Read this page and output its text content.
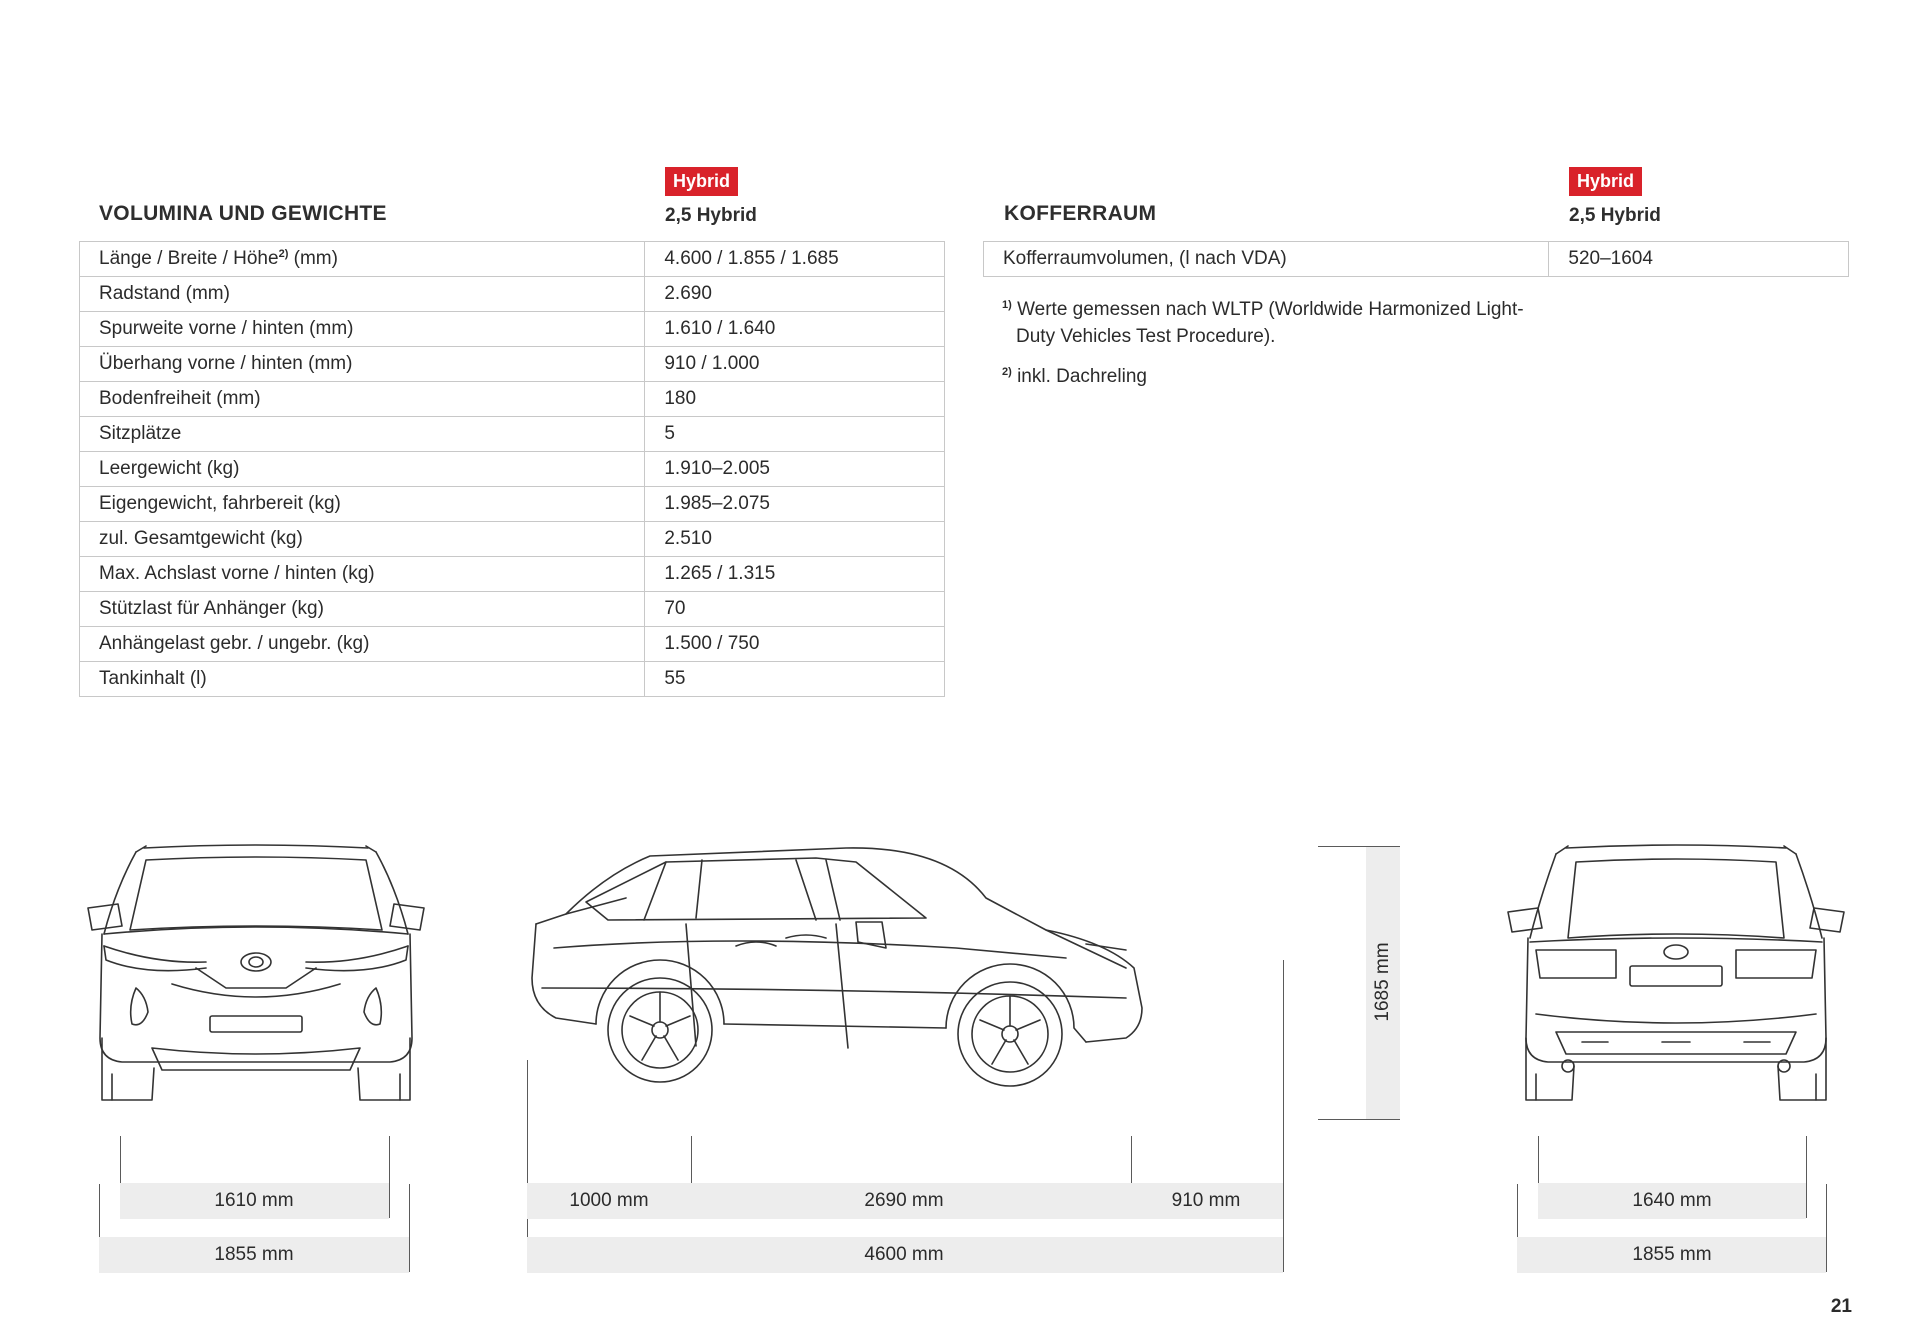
VOLUMINA UND GEWICHTE
Hybrid
2,5 Hybrid
Länge / Breite / Höhe$^{2)}$ (mm)	4.600 / 1.855 / 1.685
Radstand (mm)	2.690
Spurweite vorne / hinten (mm)	1.610 / 1.640
Überhang vorne / hinten (mm)	910 / 1.000
Bodenfreiheit (mm)	180
Sitzplätze	5
Leergewicht (kg)	1.910–2.005
Eigengewicht, fahrbereit (kg)	1.985–2.075
zul. Gesamtgewicht (kg)	2.510
Max. Achslast vorne / hinten (kg)	1.265 / 1.315
Stützlast für Anhänger (kg)	70
Anhängelast gebr. / ungebr. (kg)	1.500 / 750
Tankinhalt (l)	55
KOFFERRAUM
Hybrid
2,5 Hybrid
Kofferraumvolumen, (l nach VDA)	520–1604
$^{1)}$ Werte gemessen nach WLTP (Worldwide Harmonized Light-Duty Vehicles Test Procedure).
$^{2)}$ inkl. Dachreling
1685 mm
1610 mm
1855 mm
1000 mm	2690 mm	910 mm
4600 mm
1640 mm
1855 mm
21
